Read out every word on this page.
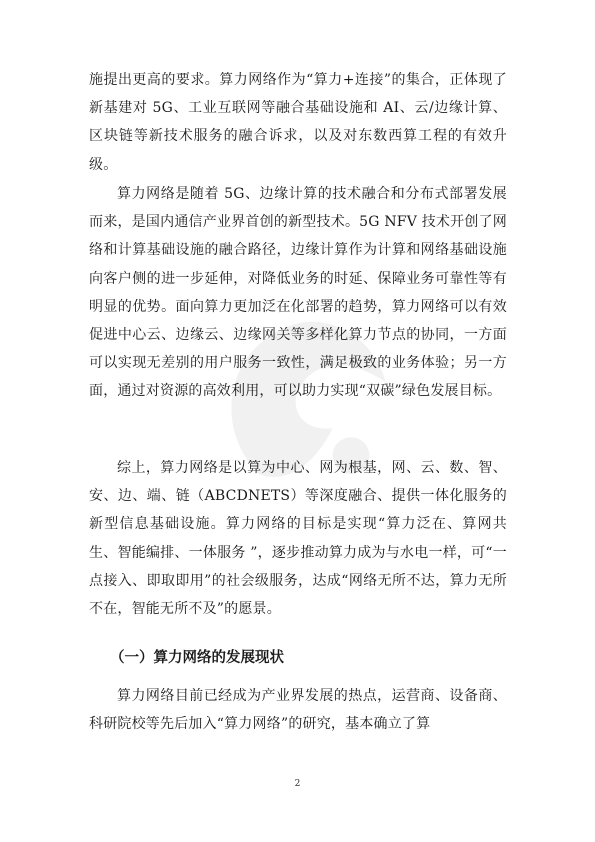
施提出更高的要求。算力网络作为“算力+连接”的集合，正体现了新基建对 5G、工业互联网等融合基础设施和 AI、云/边缘计算、区块链等新技术服务的融合诉求，以及对东数西算工程的有效升级。

算力网络是随着 5G、边缘计算的技术融合和分布式部署发展而来，是国内通信产业界首创的新型技术。5G NFV 技术开创了网络和计算基础设施的融合路径，边缘计算作为计算和网络基础设施向客户侧的进一步延伸，对降低业务的时延、保障业务可靠性等有明显的优势。面向算力更加泛在化部署的趋势，算力网络可以有效促进中心云、边缘云、边缘网关等多样化算力节点的协同，一方面可以实现无差别的用户服务一致性，满足极致的业务体验；另一方面，通过对资源的高效利用，可以助力实现“双碳”绿色发展目标。

综上，算力网络是以算为中心、网为根基，网、云、数、智、安、边、端、链（ABCDNETS）等深度融合、提供一体化服务的新型信息基础设施。算力网络的目标是实现“算力泛在、算网共生、智能编排、一体服务 ”，逐步推动算力成为与水电一样，可“一点接入、即取即用”的社会级服务，达成“网络无所不达，算力无所不在，智能无所不及”的愿景。

（一）算力网络的发展现状

算力网络目前已经成为产业界发展的热点，运营商、设备商、科研院校等先后加入“算力网络”的研究，基本确立了算

2
